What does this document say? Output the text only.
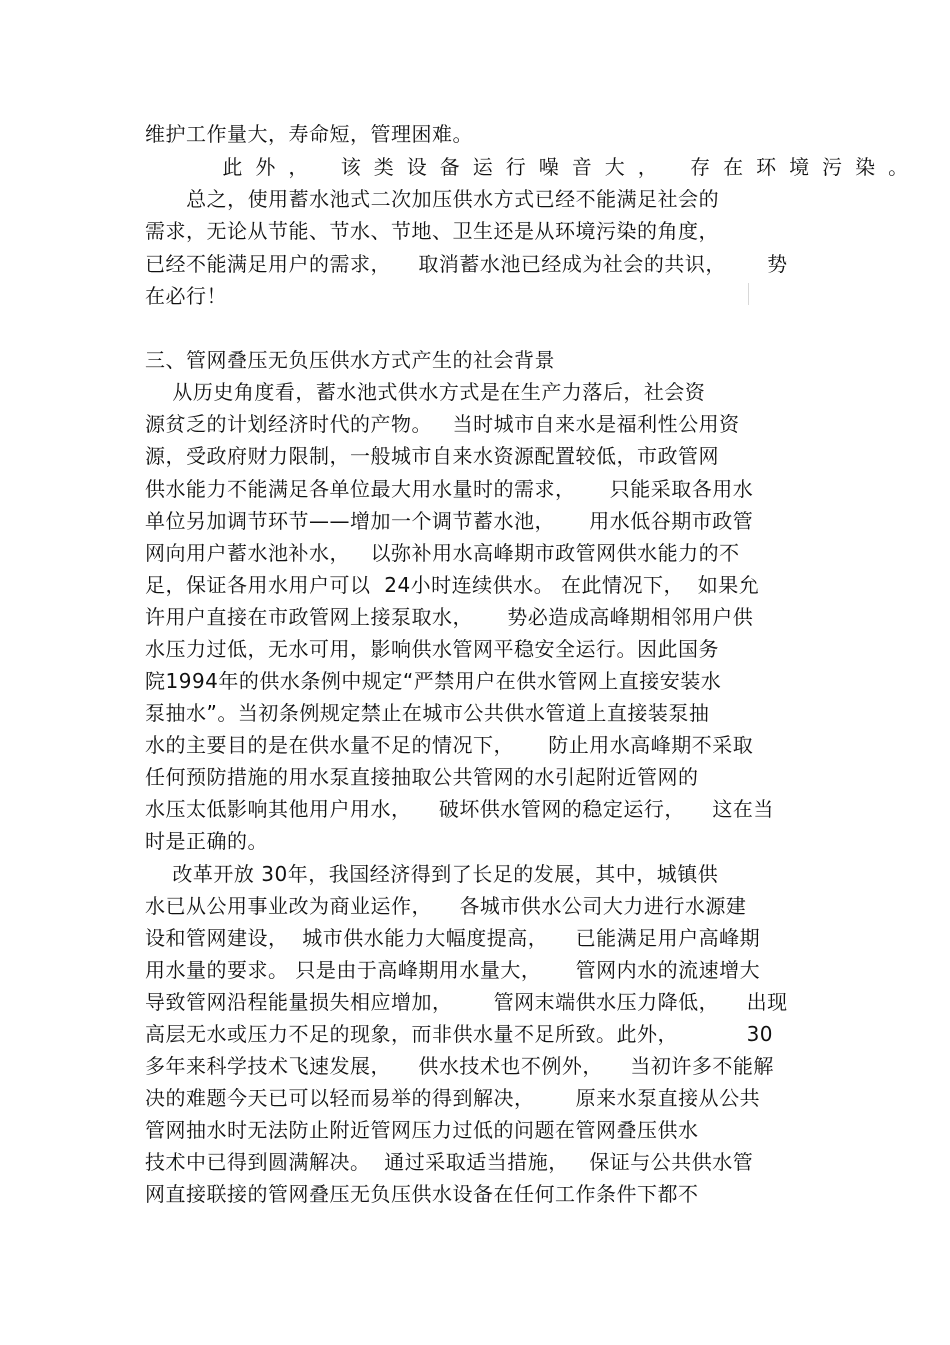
维护工作量大，寿命短，管理困难。
此外， 该类设备运行噪音大， 存在环境污染。
总之，使用蓄水池式二次加压供水方式已经不能满足社会的
需求，无论从节能、节水、节地、卫生还是从环境污染的角度，
已经不能满足用户的需求，    取消蓄水池已经成为社会的共识，      势
在必行！
三、管网叠压无负压供水方式产生的社会背景
从历史角度看，蓄水池式供水方式是在生产力落后，社会资
源贫乏的计划经济时代的产物。   当时城市自来水是福利性公用资
源，受政府财力限制，一般城市自来水资源配置较低，市政管网
供水能力不能满足各单位最大用水量时的需求，     只能采取各用水
单位另加调节环节——增加一个调节蓄水池，     用水低谷期市政管
网向用户蓄水池补水，   以弥补用水高峰期市政管网供水能力的不
足，保证各用水用户可以  24小时连续供水。 在此情况下，  如果允
许用户直接在市政管网上接泵取水，     势必造成高峰期相邻用户供
水压力过低，无水可用，影响供水管网平稳安全运行。因此国务
院1994年的供水条例中规定“严禁用户在供水管网上直接安装水
泵抽水”。当初条例规定禁止在城市公共供水管道上直接装泵抽
水的主要目的是在供水量不足的情况下，     防止用水高峰期不采取
任何预防措施的用水泵直接抽取公共管网的水引起附近管网的
水压太低影响其他用户用水，    破坏供水管网的稳定运行，    这在当
时是正确的。
改革开放 30年，我国经济得到了长足的发展，其中，城镇供
水已从公用事业改为商业运作，    各城市供水公司大力进行水源建
设和管网建设，  城市供水能力大幅度提高，    已能满足用户高峰期
用水量的要求。 只是由于高峰期用水量大，     管网内水的流速增大
导致管网沿程能量损失相应增加，      管网末端供水压力降低，    出现
高层无水或压力不足的现象，而非供水量不足所致。此外，          30
多年来科学技术飞速发展，    供水技术也不例外，    当初许多不能解
决的难题今天已可以轻而易举的得到解决，      原来水泵直接从公共
管网抽水时无法防止附近管网压力过低的问题在管网叠压供水
技术中已得到圆满解决。  通过采取适当措施，   保证与公共供水管
网直接联接的管网叠压无负压供水设备在任何工作条件下都不
